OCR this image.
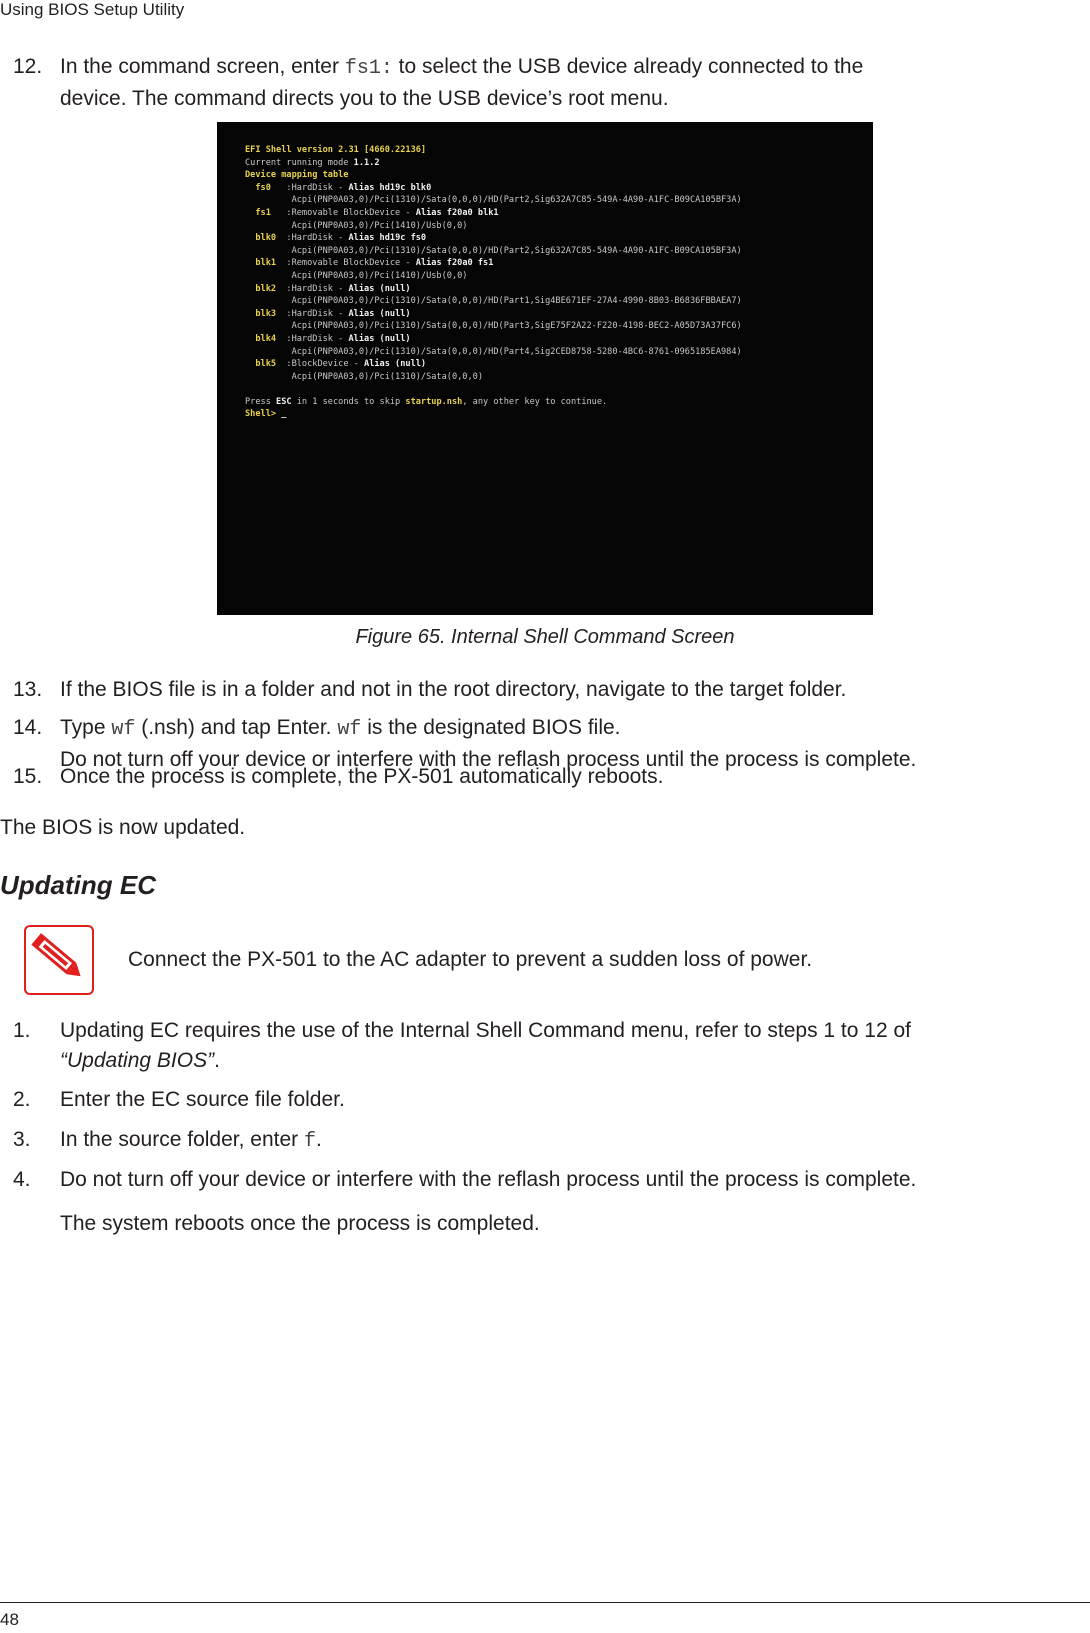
Using BIOS Setup Utility
12. In the command screen, enter fs1: to select the USB device already connected to the
device. The command directs you to the USB device’s root menu.
EFI Shell version 2.31 [4660.22136]
Current running mode 1.1.2
Device mapping table
fs0   :HardDisk - Alias hd19c blk0
Acpi(PNP0A03,0)/Pci(1310)/Sata(0,0,0)/HD(Part2,Sig632A7C85-549A-4A90-A1FC-B09CA105BF3A)
fs1   :Removable BlockDevice - Alias f20a0 blk1
Acpi(PNP0A03,0)/Pci(1410)/Usb(0,0)
blk0  :HardDisk - Alias hd19c fs0
Acpi(PNP0A03,0)/Pci(1310)/Sata(0,0,0)/HD(Part2,Sig632A7C85-549A-4A90-A1FC-B09CA105BF3A)
blk1  :Removable BlockDevice - Alias f20a0 fs1
Acpi(PNP0A03,0)/Pci(1410)/Usb(0,0)
blk2  :HardDisk - Alias (null)
Acpi(PNP0A03,0)/Pci(1310)/Sata(0,0,0)/HD(Part1,Sig4BE671EF-27A4-4990-8B03-B6836FBBAEA7)
blk3  :HardDisk - Alias (null)
Acpi(PNP0A03,0)/Pci(1310)/Sata(0,0,0)/HD(Part3,SigE75F2A22-F220-4198-BEC2-A05D73A37FC6)
blk4  :HardDisk - Alias (null)
Acpi(PNP0A03,0)/Pci(1310)/Sata(0,0,0)/HD(Part4,Sig2CED8758-5280-4BC6-8761-0965185EA984)
blk5  :BlockDevice - Alias (null)
Acpi(PNP0A03,0)/Pci(1310)/Sata(0,0,0)

Press ESC in 1 seconds to skip startup.nsh, any other key to continue.
Shell> _
Figure 65. Internal Shell Command Screen
13. If the BIOS file is in a folder and not in the root directory, navigate to the target folder.
14. Type wf (.nsh) and tap Enter. wf is the designated BIOS file.
Do not turn off your device or interfere with the reflash process until the process is complete.
15. Once the process is complete, the PX-501 automatically reboots.
The BIOS is now updated.
Updating EC
Connect the PX-501 to the AC adapter to prevent a sudden loss of power.
1.	Updating EC requires the use of the Internal Shell Command menu, refer to steps 1 to 12 of
“Updating BIOS”.
2.	Enter the EC source file folder.
3.	In the source folder, enter f.
4.	Do not turn off your device or interfere with the reflash process until the process is complete.
The system reboots once the process is completed.
48
